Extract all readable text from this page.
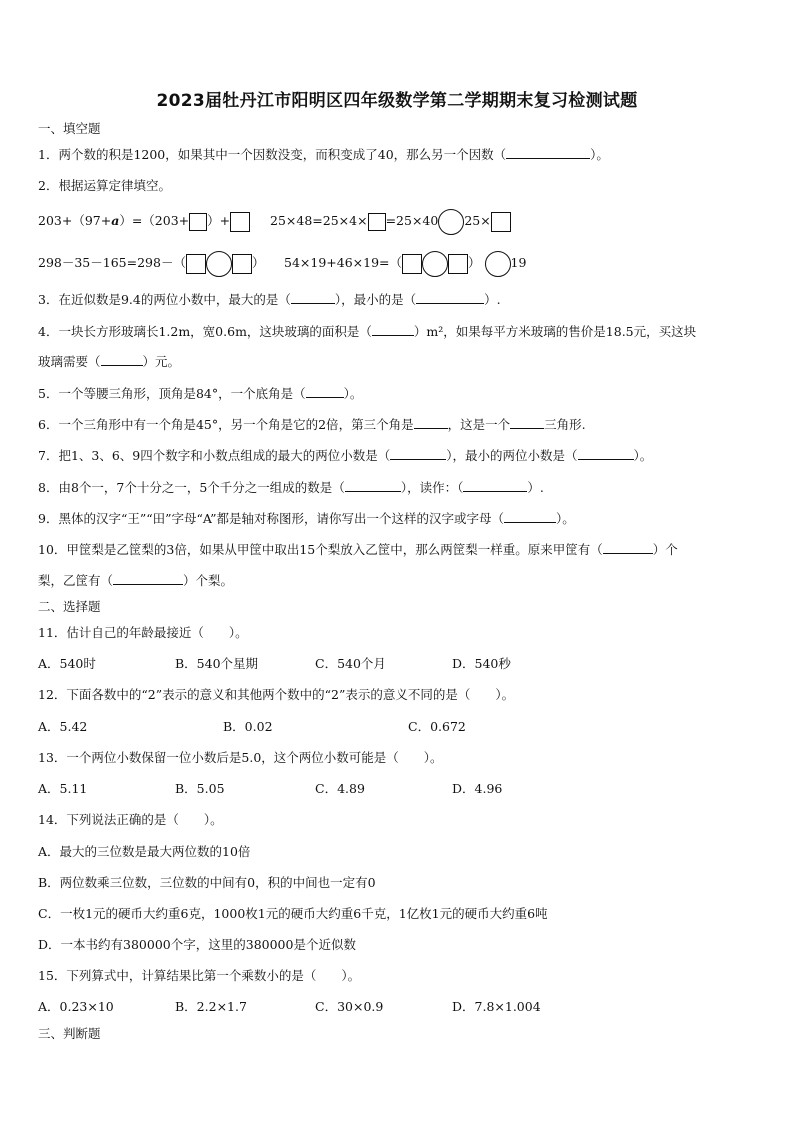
2023届牡丹江市阳明区四年级数学第二学期期末复习检测试题
一、填空题
1．两个数的积是1200，如果其中一个因数没变，而积变成了40，那么另一个因数（	）。
2．根据运算定律填空。
203+（97+a）=（203+ ）+	25×48=25×4× =25×40 25×
298－35－165=298－（	） 54×19+46×19=（	） 19
3．在近似数是9.4的两位小数中，最大的是（	），最小的是（	）.
4．一块长方形玻璃长1.2m，宽0.6m，这块玻璃的面积是（	）m²，如果每平方米玻璃的售价是18.5元，买这块
玻璃需要（	）元。
5．一个等腰三角形，顶角是84°，一个底角是（	）。
6．一个三角形中有一个角是45°，另一个角是它的2倍，第三个角是	，这是一个	三角形.
7．把1、3、6、9四个数字和小数点组成的最大的两位小数是（	），最小的两位小数是（	）。
8．由8个一，7个十分之一，5个千分之一组成的数是（	），读作：（	）.
9．黑体的汉字“王”“田”字母“A”都是轴对称图形，请你写出一个这样的汉字或字母（	）。
10．甲筐梨是乙筐梨的3倍，如果从甲筐中取出15个梨放入乙筐中，那么两筐梨一样重。原来甲筐有（	）个
梨，乙筐有（	）个梨。
二、选择题
11．估计自己的年龄最接近（　　）。
A．540时	B．540个星期	C．540个月	D．540秒
12．下面各数中的“2”表示的意义和其他两个数中的“2”表示的意义不同的是（　　）。
A．5.42	B．0.02	C．0.672
13．一个两位小数保留一位小数后是5.0，这个两位小数可能是（　　）。
A．5.11	B．5.05	C．4.89	D．4.96
14．下列说法正确的是（　　）。
A．最大的三位数是最大两位数的10倍
B．两位数乘三位数，三位数的中间有0，积的中间也一定有0
C．一枚1元的硬币大约重6克，1000枚1元的硬币大约重6千克，1亿枚1元的硬币大约重6吨
D．一本书约有380000个字，这里的380000是个近似数
15．下列算式中，计算结果比第一个乘数小的是（　　）。
A．0.23×10	B．2.2×1.7	C．30×0.9	D．7.8×1.004
三、判断题
